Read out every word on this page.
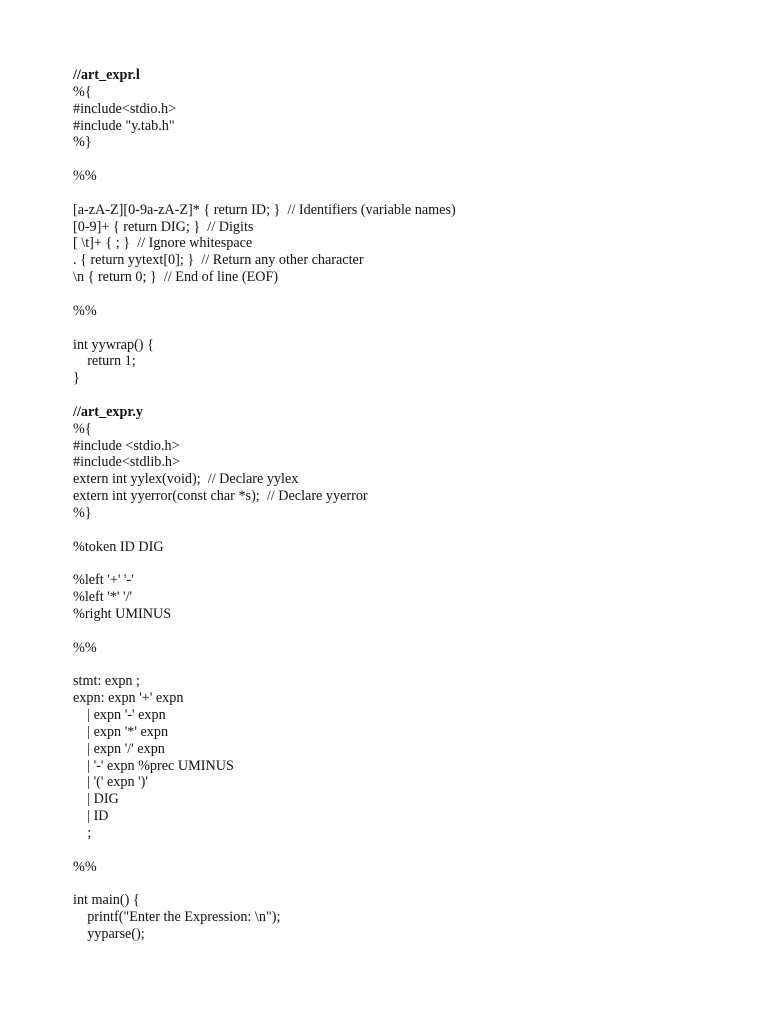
//art_expr.l
%{
#include<stdio.h>
#include "y.tab.h"
%}
%%
[a-zA-Z][0-9a-zA-Z]* { return ID; }  // Identifiers (variable names)
[0-9]+ { return DIG; }  // Digits
[ \t]+ { ; }  // Ignore whitespace
. { return yytext[0]; }  // Return any other character
\n { return 0; }  // End of line (EOF)
%%
int yywrap() {
return 1;
}
//art_expr.y
%{
#include <stdio.h>
#include<stdlib.h>
extern int yylex(void);  // Declare yylex
extern int yyerror(const char *s);  // Declare yyerror
%}
%token ID DIG
%left '+' '-'
%left '*' '/'
%right UMINUS
%%
stmt: expn ;
expn: expn '+' expn
| expn '-' expn
| expn '*' expn
| expn '/' expn
| '-' expn %prec UMINUS
| '(' expn ')'
| DIG
| ID
;
%%
int main() {
printf("Enter the Expression: \n");
yyparse();
